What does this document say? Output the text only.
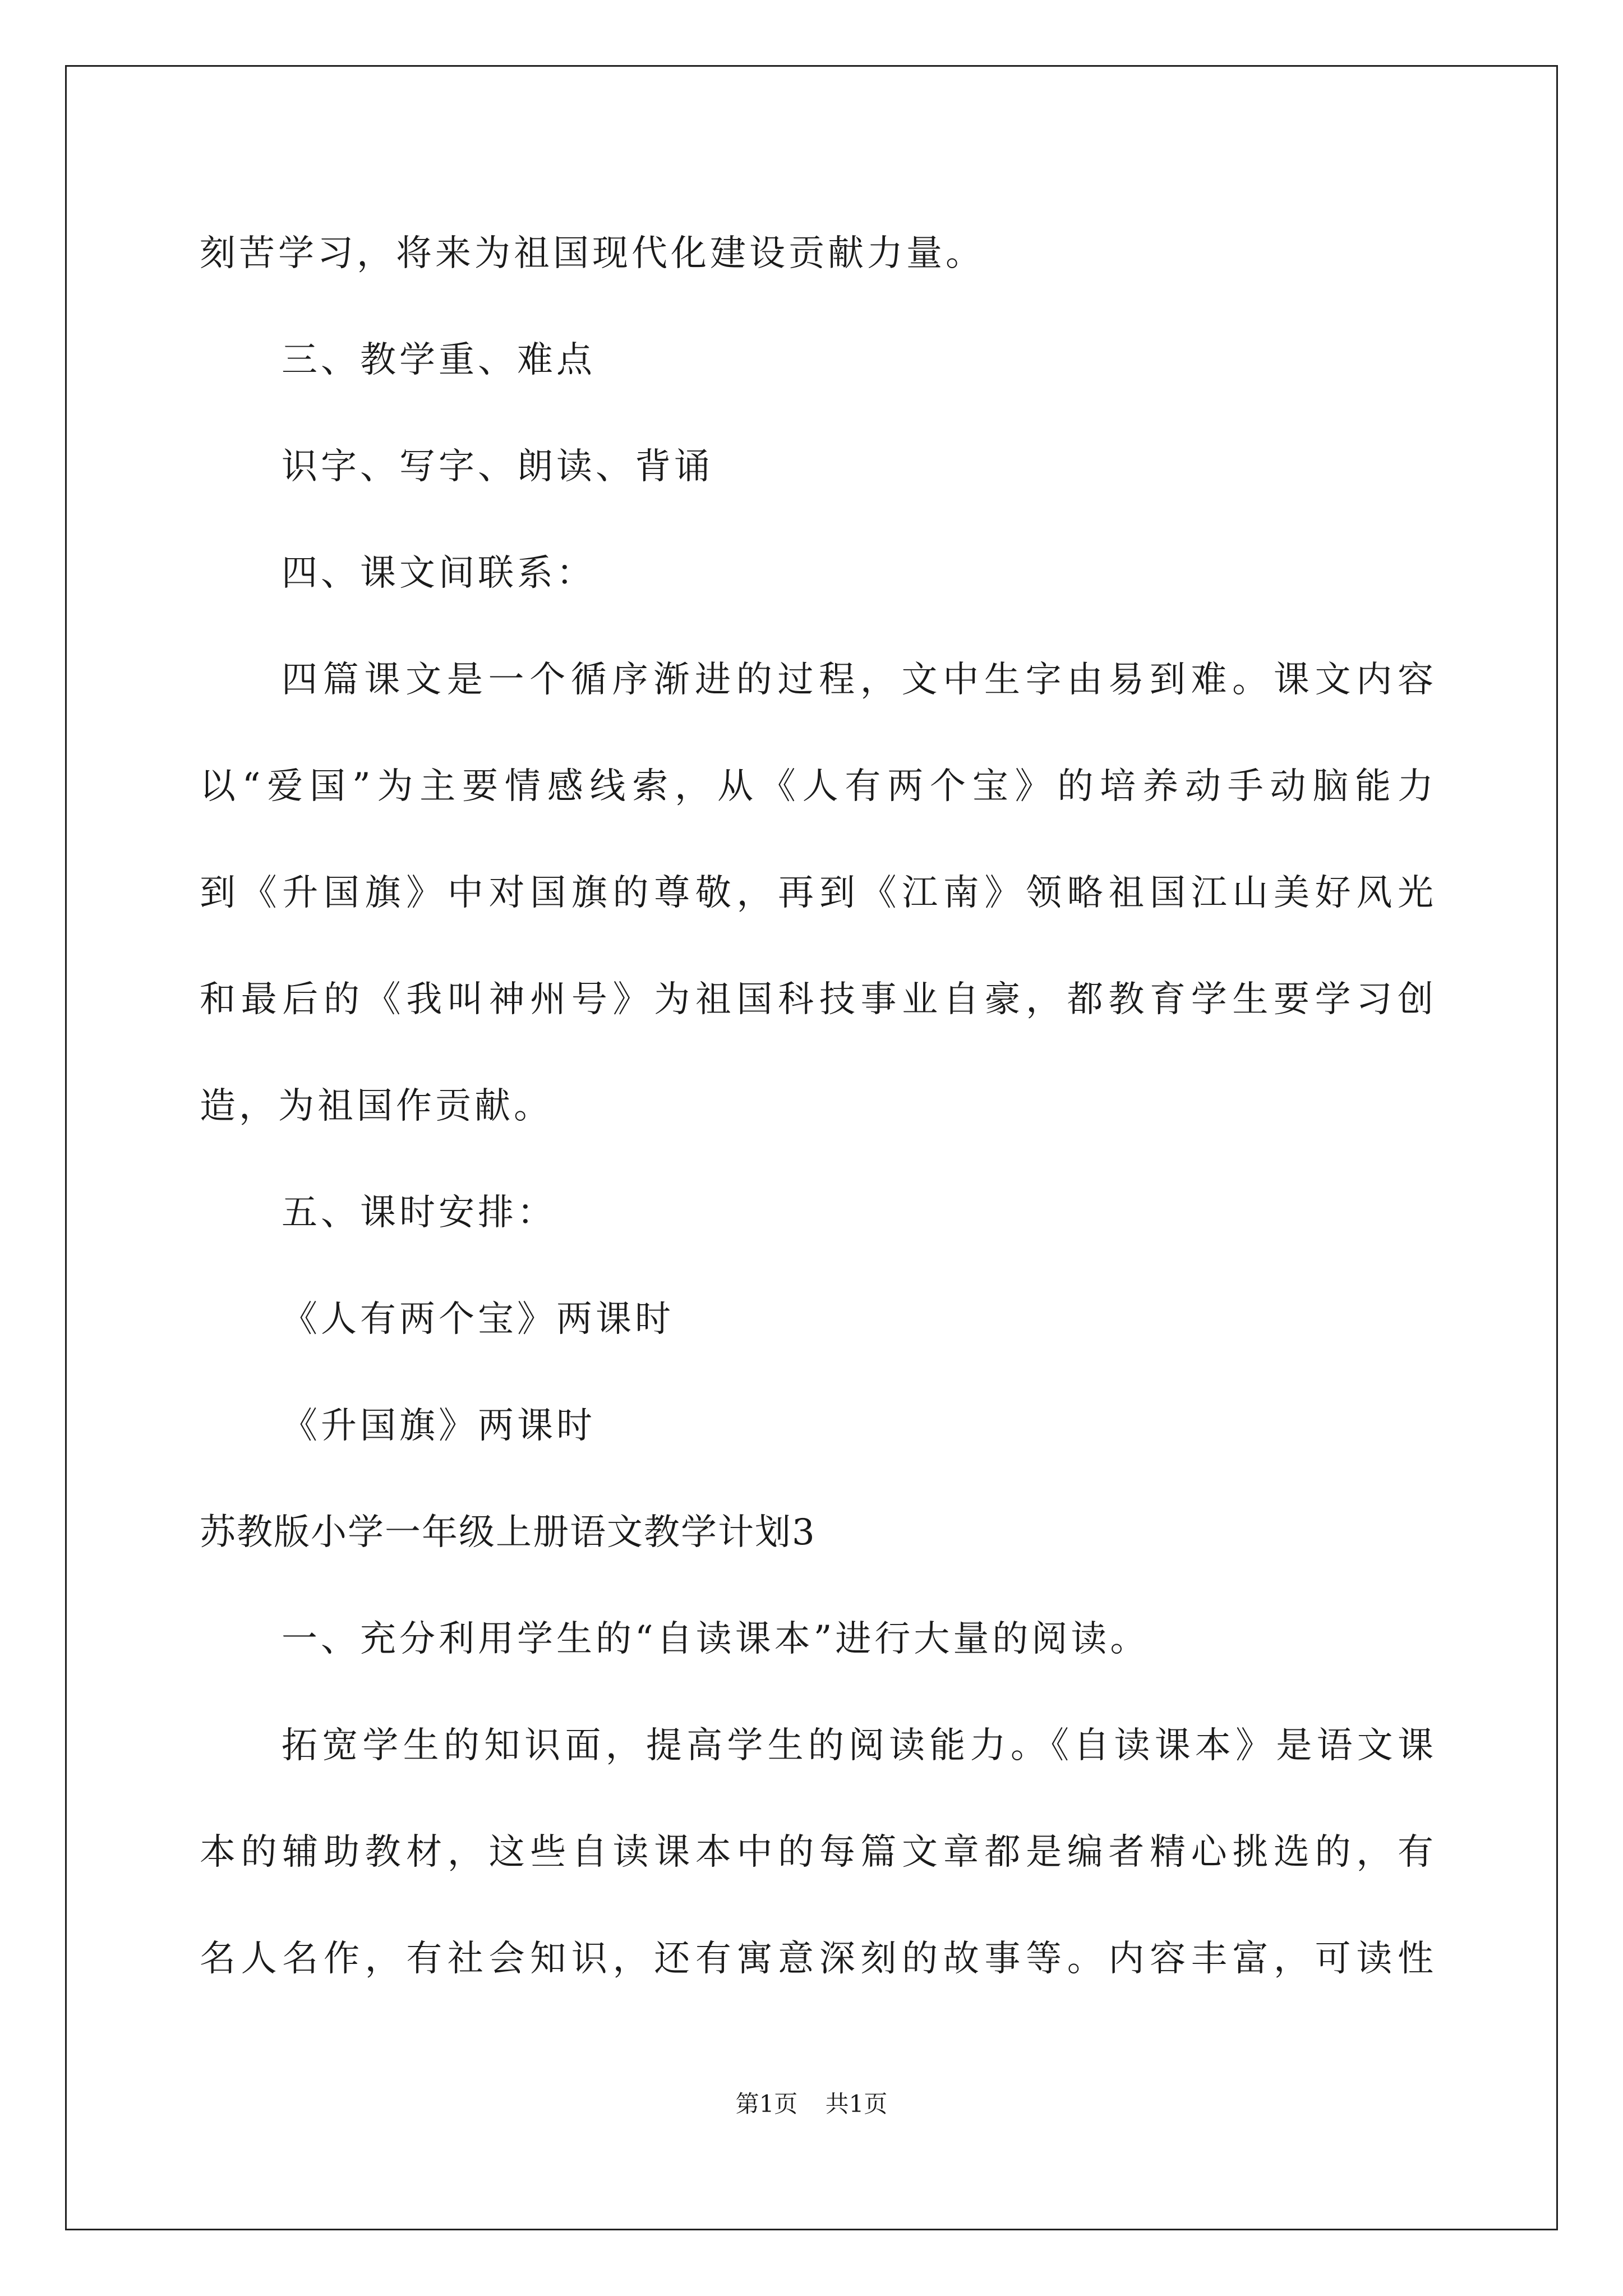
刻苦学习，将来为祖国现代化建设贡献力量。
三、教学重、难点
识字、写字、朗读、背诵
四、课文间联系：
四篇课文是一个循序渐进的过程，文中生字由易到难。课文内容
以“爱国”为主要情感线索，从《人有两个宝》的培养动手动脑能力
到《升国旗》中对国旗的尊敬，再到《江南》领略祖国江山美好风光
和最后的《我叫神州号》为祖国科技事业自豪，都教育学生要学习创
造，为祖国作贡献。
五、课时安排：
《人有两个宝》两课时
《升国旗》两课时
苏教版小学一年级上册语文教学计划3
一、充分利用学生的“自读课本”进行大量的阅读。
拓宽学生的知识面，提高学生的阅读能力。《自读课本》是语文课
本的辅助教材，这些自读课本中的每篇文章都是编者精心挑选的，有
名人名作，有社会知识，还有寓意深刻的故事等。内容丰富，可读性
第1页 共1页
